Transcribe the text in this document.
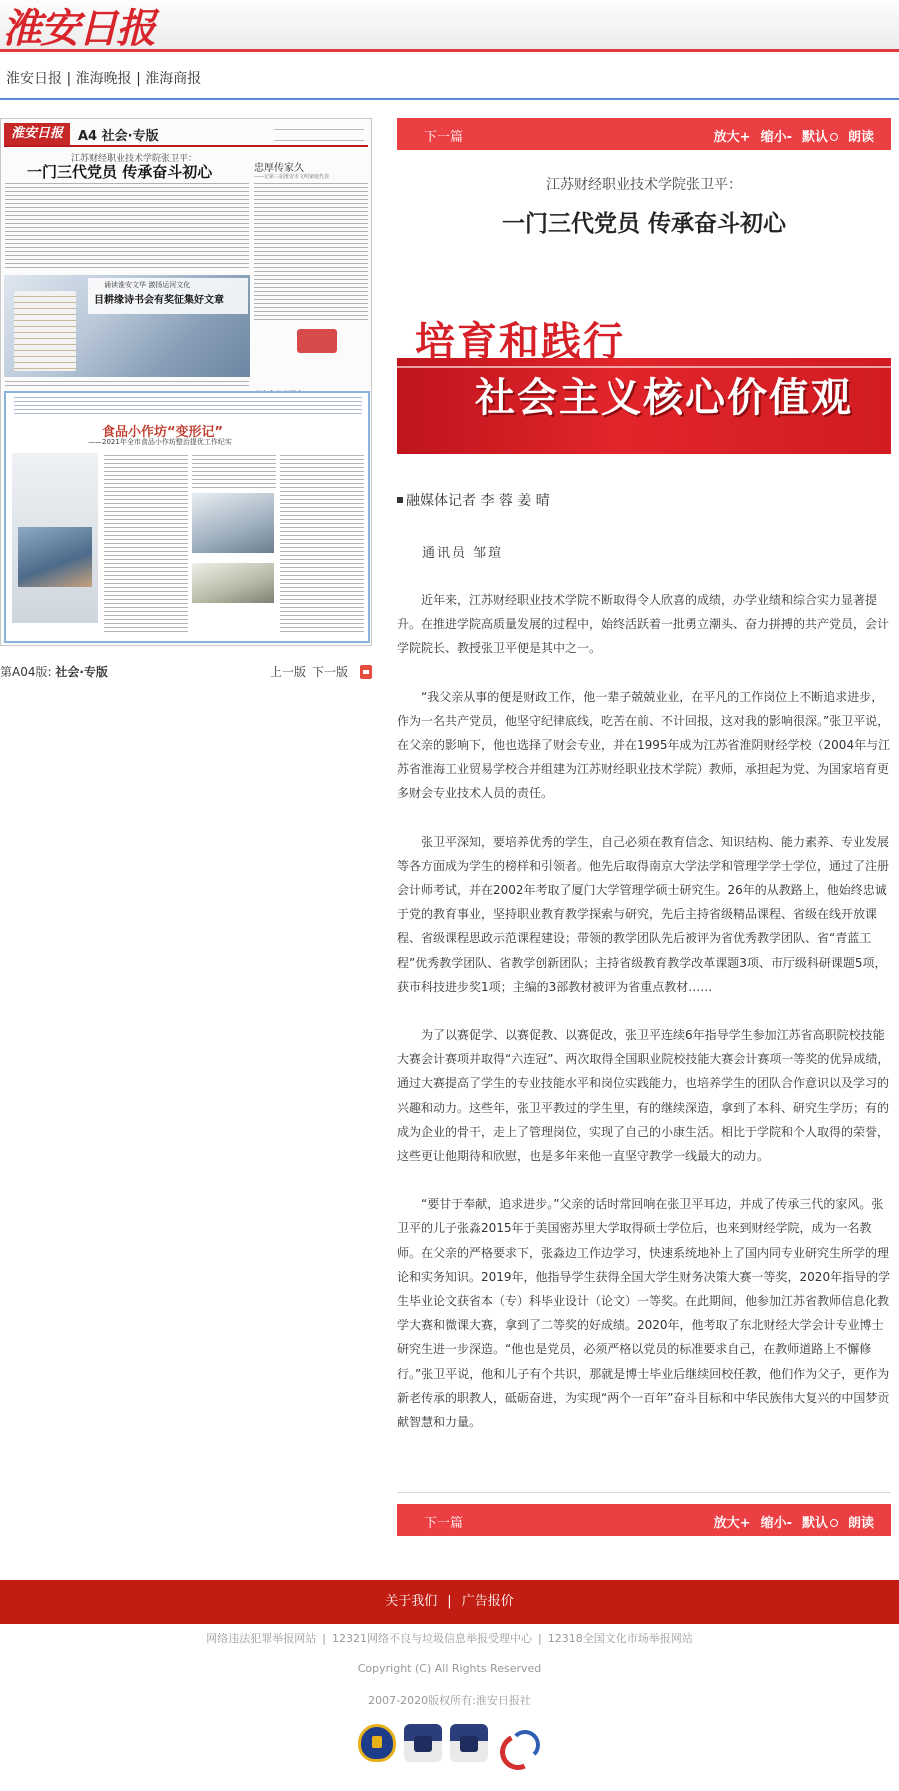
淮安日报
淮安日报 | 淮海晚报 | 淮海商报
淮安日报	A4 社会·专版
江苏财经职业技术学院张卫平：
一门三代党员 传承奋斗初心	忠厚传家久
——记第三届淮安市文明家庭代表
诵读淮安文华 激扬运河文化
目耕缘诗书会有奖征集好文章
食品小作坊“变形记”
——2021年全市食品小作坊整治提优工作纪实
第A04版: 社会·专版	上一版 下一版
下一篇	放大+ 缩小- 默认	朗读
江苏财经职业技术学院张卫平：
一门三代党员 传承奋斗初心
培育和践行
社会主义核心价值观
融媒体记者 李 蓉 姜 晴
通讯员 邹瑄

近年来，江苏财经职业技术学院不断取得令人欣喜的成绩，办学业绩和综合实力显著提升。在推进学院高质量发展的过程中，始终活跃着一批勇立潮头、奋力拼搏的共产党员，会计学院院长、教授张卫平便是其中之一。

“我父亲从事的便是财政工作，他一辈子兢兢业业，在平凡的工作岗位上不断追求进步，作为一名共产党员，他坚守纪律底线，吃苦在前、不计回报，这对我的影响很深。”张卫平说，在父亲的影响下，他也选择了财会专业，并在1995年成为江苏省淮阴财经学校（2004年与江苏省淮海工业贸易学校合并组建为江苏财经职业技术学院）教师，承担起为党、为国家培育更多财会专业技术人员的责任。

张卫平深知，要培养优秀的学生，自己必须在教育信念、知识结构、能力素养、专业发展等各方面成为学生的榜样和引领者。他先后取得南京大学法学和管理学学士学位，通过了注册会计师考试，并在2002年考取了厦门大学管理学硕士研究生。26年的从教路上，他始终忠诚于党的教育事业，坚持职业教育教学探索与研究，先后主持省级精品课程、省级在线开放课程、省级课程思政示范课程建设；带领的教学团队先后被评为省优秀教学团队、省“青蓝工程”优秀教学团队、省教学创新团队；主持省级教育教学改革课题3项、市厅级科研课题5项，获市科技进步奖1项；主编的3部教材被评为省重点教材……

为了以赛促学、以赛促教、以赛促改，张卫平连续6年指导学生参加江苏省高职院校技能大赛会计赛项并取得“六连冠”、两次取得全国职业院校技能大赛会计赛项一等奖的优异成绩，通过大赛提高了学生的专业技能水平和岗位实践能力，也培养学生的团队合作意识以及学习的兴趣和动力。这些年，张卫平教过的学生里，有的继续深造，拿到了本科、研究生学历；有的成为企业的骨干，走上了管理岗位，实现了自己的小康生活。相比于学院和个人取得的荣誉，这些更让他期待和欣慰，也是多年来他一直坚守教学一线最大的动力。

“要甘于奉献，追求进步。”父亲的话时常回响在张卫平耳边，并成了传承三代的家风。张卫平的儿子张淼2015年于美国密苏里大学取得硕士学位后，也来到财经学院，成为一名教师。在父亲的严格要求下，张淼边工作边学习，快速系统地补上了国内同专业研究生所学的理论和实务知识。2019年，他指导学生获得全国大学生财务决策大赛一等奖，2020年指导的学生毕业论文获省本（专）科毕业设计（论文）一等奖。在此期间，他参加江苏省教师信息化教学大赛和微课大赛，拿到了二等奖的好成绩。2020年，他考取了东北财经大学会计专业博士研究生进一步深造。“他也是党员，必须严格以党员的标准要求自己，在教师道路上不懈修行。”张卫平说，他和儿子有个共识，那就是博士毕业后继续回校任教，他们作为父子，更作为新老传承的职教人，砥砺奋进，为实现“两个一百年”奋斗目标和中华民族伟大复兴的中国梦贡献智慧和力量。

下一篇	放大+ 缩小- 默认	朗读
关于我们 | 广告报价
网络违法犯罪举报网站 | 12321网络不良与垃圾信息举报受理中心 | 12318全国文化市场举报网站
Copyright (C) All Rights Reserved
2007-2020版权所有:淮安日报社
